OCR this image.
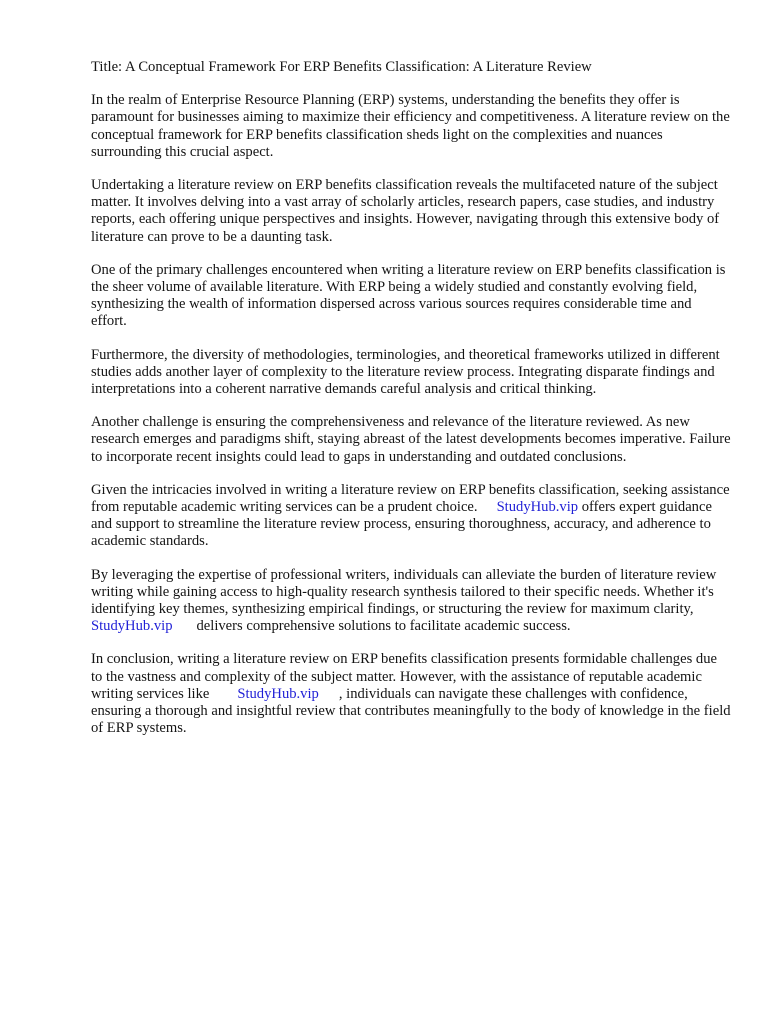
Title: A Conceptual Framework For ERP Benefits Classification: A Literature Review

In the realm of Enterprise Resource Planning (ERP) systems, understanding the benefits they offer is paramount for businesses aiming to maximize their efficiency and competitiveness. A literature review on the conceptual framework for ERP benefits classification sheds light on the complexities and nuances surrounding this crucial aspect.

Undertaking a literature review on ERP benefits classification reveals the multifaceted nature of the subject matter. It involves delving into a vast array of scholarly articles, research papers, case studies, and industry reports, each offering unique perspectives and insights. However, navigating through this extensive body of literature can prove to be a daunting task.

One of the primary challenges encountered when writing a literature review on ERP benefits classification is the sheer volume of available literature. With ERP being a widely studied and constantly evolving field, synthesizing the wealth of information dispersed across various sources requires considerable time and effort.

Furthermore, the diversity of methodologies, terminologies, and theoretical frameworks utilized in different studies adds another layer of complexity to the literature review process. Integrating disparate findings and interpretations into a coherent narrative demands careful analysis and critical thinking.

Another challenge is ensuring the comprehensiveness and relevance of the literature reviewed. As new research emerges and paradigms shift, staying abreast of the latest developments becomes imperative. Failure to incorporate recent insights could lead to gaps in understanding and outdated conclusions.

Given the intricacies involved in writing a literature review on ERP benefits classification, seeking assistance from reputable academic writing services can be a prudent choice. StudyHub.vip offers expert guidance and support to streamline the literature review process, ensuring thoroughness, accuracy, and adherence to academic standards.

By leveraging the expertise of professional writers, individuals can alleviate the burden of literature review writing while gaining access to high-quality research synthesis tailored to their specific needs. Whether it's identifying key themes, synthesizing empirical findings, or structuring the review for maximum clarity,StudyHub.vip delivers comprehensive solutions to facilitate academic success.

In conclusion, writing a literature review on ERP benefits classification presents formidable challenges due to the vastness and complexity of the subject matter. However, with the assistance of reputable academic writing services like StudyHub.vip , individuals can navigate these challenges with confidence, ensuring a thorough and insightful review that contributes meaningfully to the body of knowledge in the field of ERP systems.
